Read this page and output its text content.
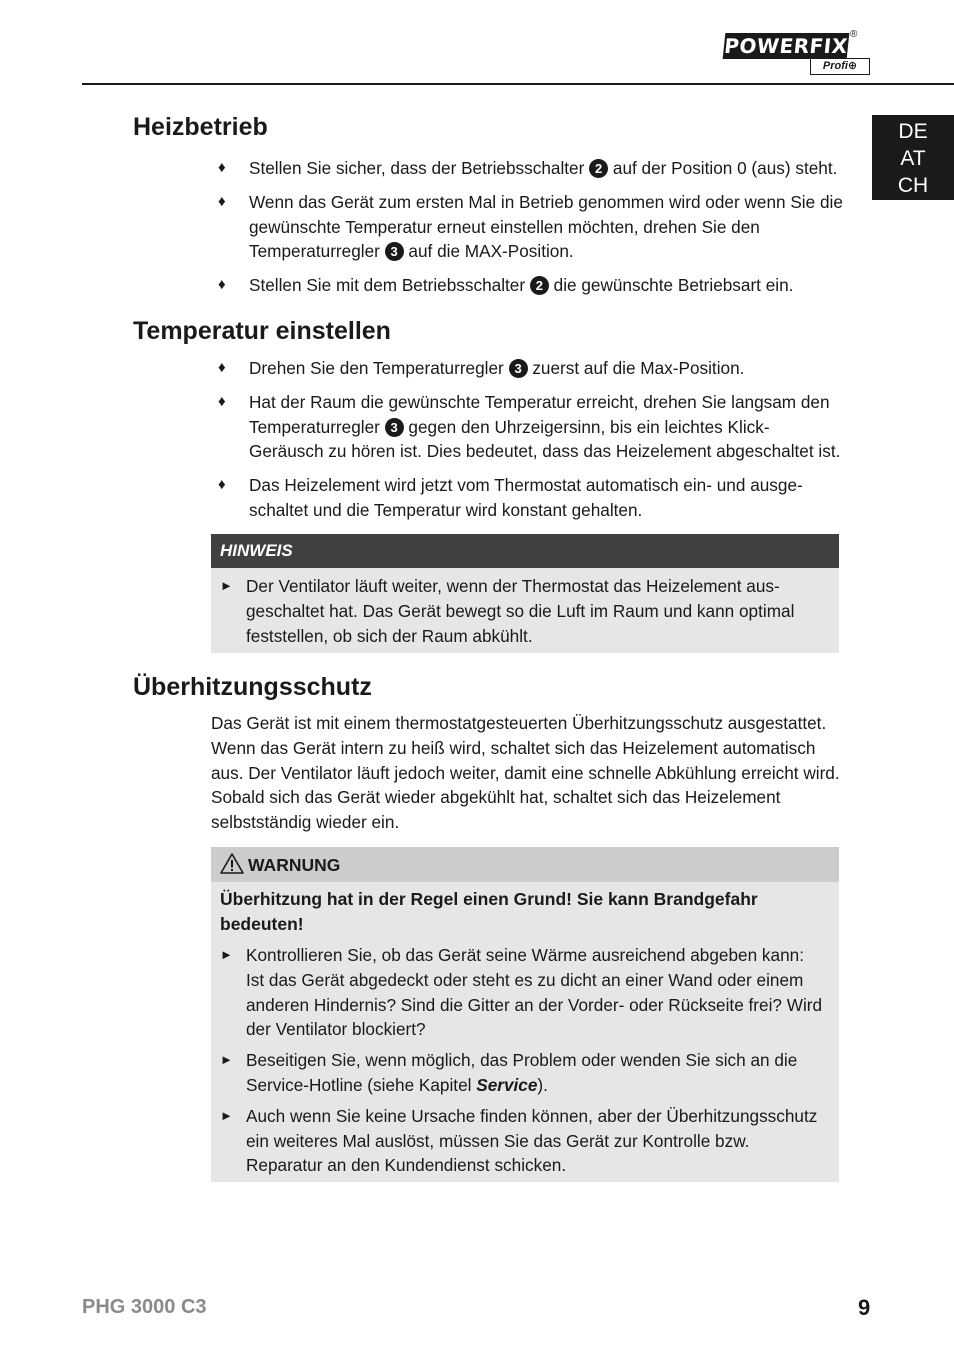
POWERFIX ®
Profi⊕
DE
AT
CH
Heizbetrieb
♦ Stellen Sie sicher, dass der Betriebsschalter 2 auf der Position 0 (aus) steht.
♦ Wenn das Gerät zum ersten Mal in Betrieb genommen wird oder wenn Sie die gewünschte Temperatur erneut einstellen möchten, drehen Sie den Temperaturregler 3 auf die MAX-Position.
♦ Stellen Sie mit dem Betriebsschalter 2 die gewünschte Betriebsart ein.
Temperatur einstellen
♦ Drehen Sie den Temperaturregler 3 zuerst auf die Max-Position.
♦ Hat der Raum die gewünschte Temperatur erreicht, drehen Sie langsam den Temperaturregler 3 gegen den Uhrzeigersinn, bis ein leichtes Klick-Geräusch zu hören ist. Dies bedeutet, dass das Heizelement abgeschaltet ist.
♦ Das Heizelement wird jetzt vom Thermostat automatisch ein- und ausgeschaltet und die Temperatur wird konstant gehalten.
HINWEIS
► Der Ventilator läuft weiter, wenn der Thermostat das Heizelement ausgeschaltet hat. Das Gerät bewegt so die Luft im Raum und kann optimal feststellen, ob sich der Raum abkühlt.
Überhitzungsschutz
Das Gerät ist mit einem thermostatgesteuerten Überhitzungsschutz ausgestattet. Wenn das Gerät intern zu heiß wird, schaltet sich das Heizelement automatisch aus. Der Ventilator läuft jedoch weiter, damit eine schnelle Abkühlung erreicht wird. Sobald sich das Gerät wieder abgekühlt hat, schaltet sich das Heizelement selbstständig wieder ein.
WARNUNG
Überhitzung hat in der Regel einen Grund! Sie kann Brandgefahr bedeuten!
► Kontrollieren Sie, ob das Gerät seine Wärme ausreichend abgeben kann: Ist das Gerät abgedeckt oder steht es zu dicht an einer Wand oder einem anderen Hindernis? Sind die Gitter an der Vorder- oder Rückseite frei? Wird der Ventilator blockiert?
► Beseitigen Sie, wenn möglich, das Problem oder wenden Sie sich an die Service-Hotline (siehe Kapitel Service).
► Auch wenn Sie keine Ursache finden können, aber der Überhitzungsschutz ein weiteres Mal auslöst, müssen Sie das Gerät zur Kontrolle bzw. Reparatur an den Kundendienst schicken.
PHG 3000 C3	9
